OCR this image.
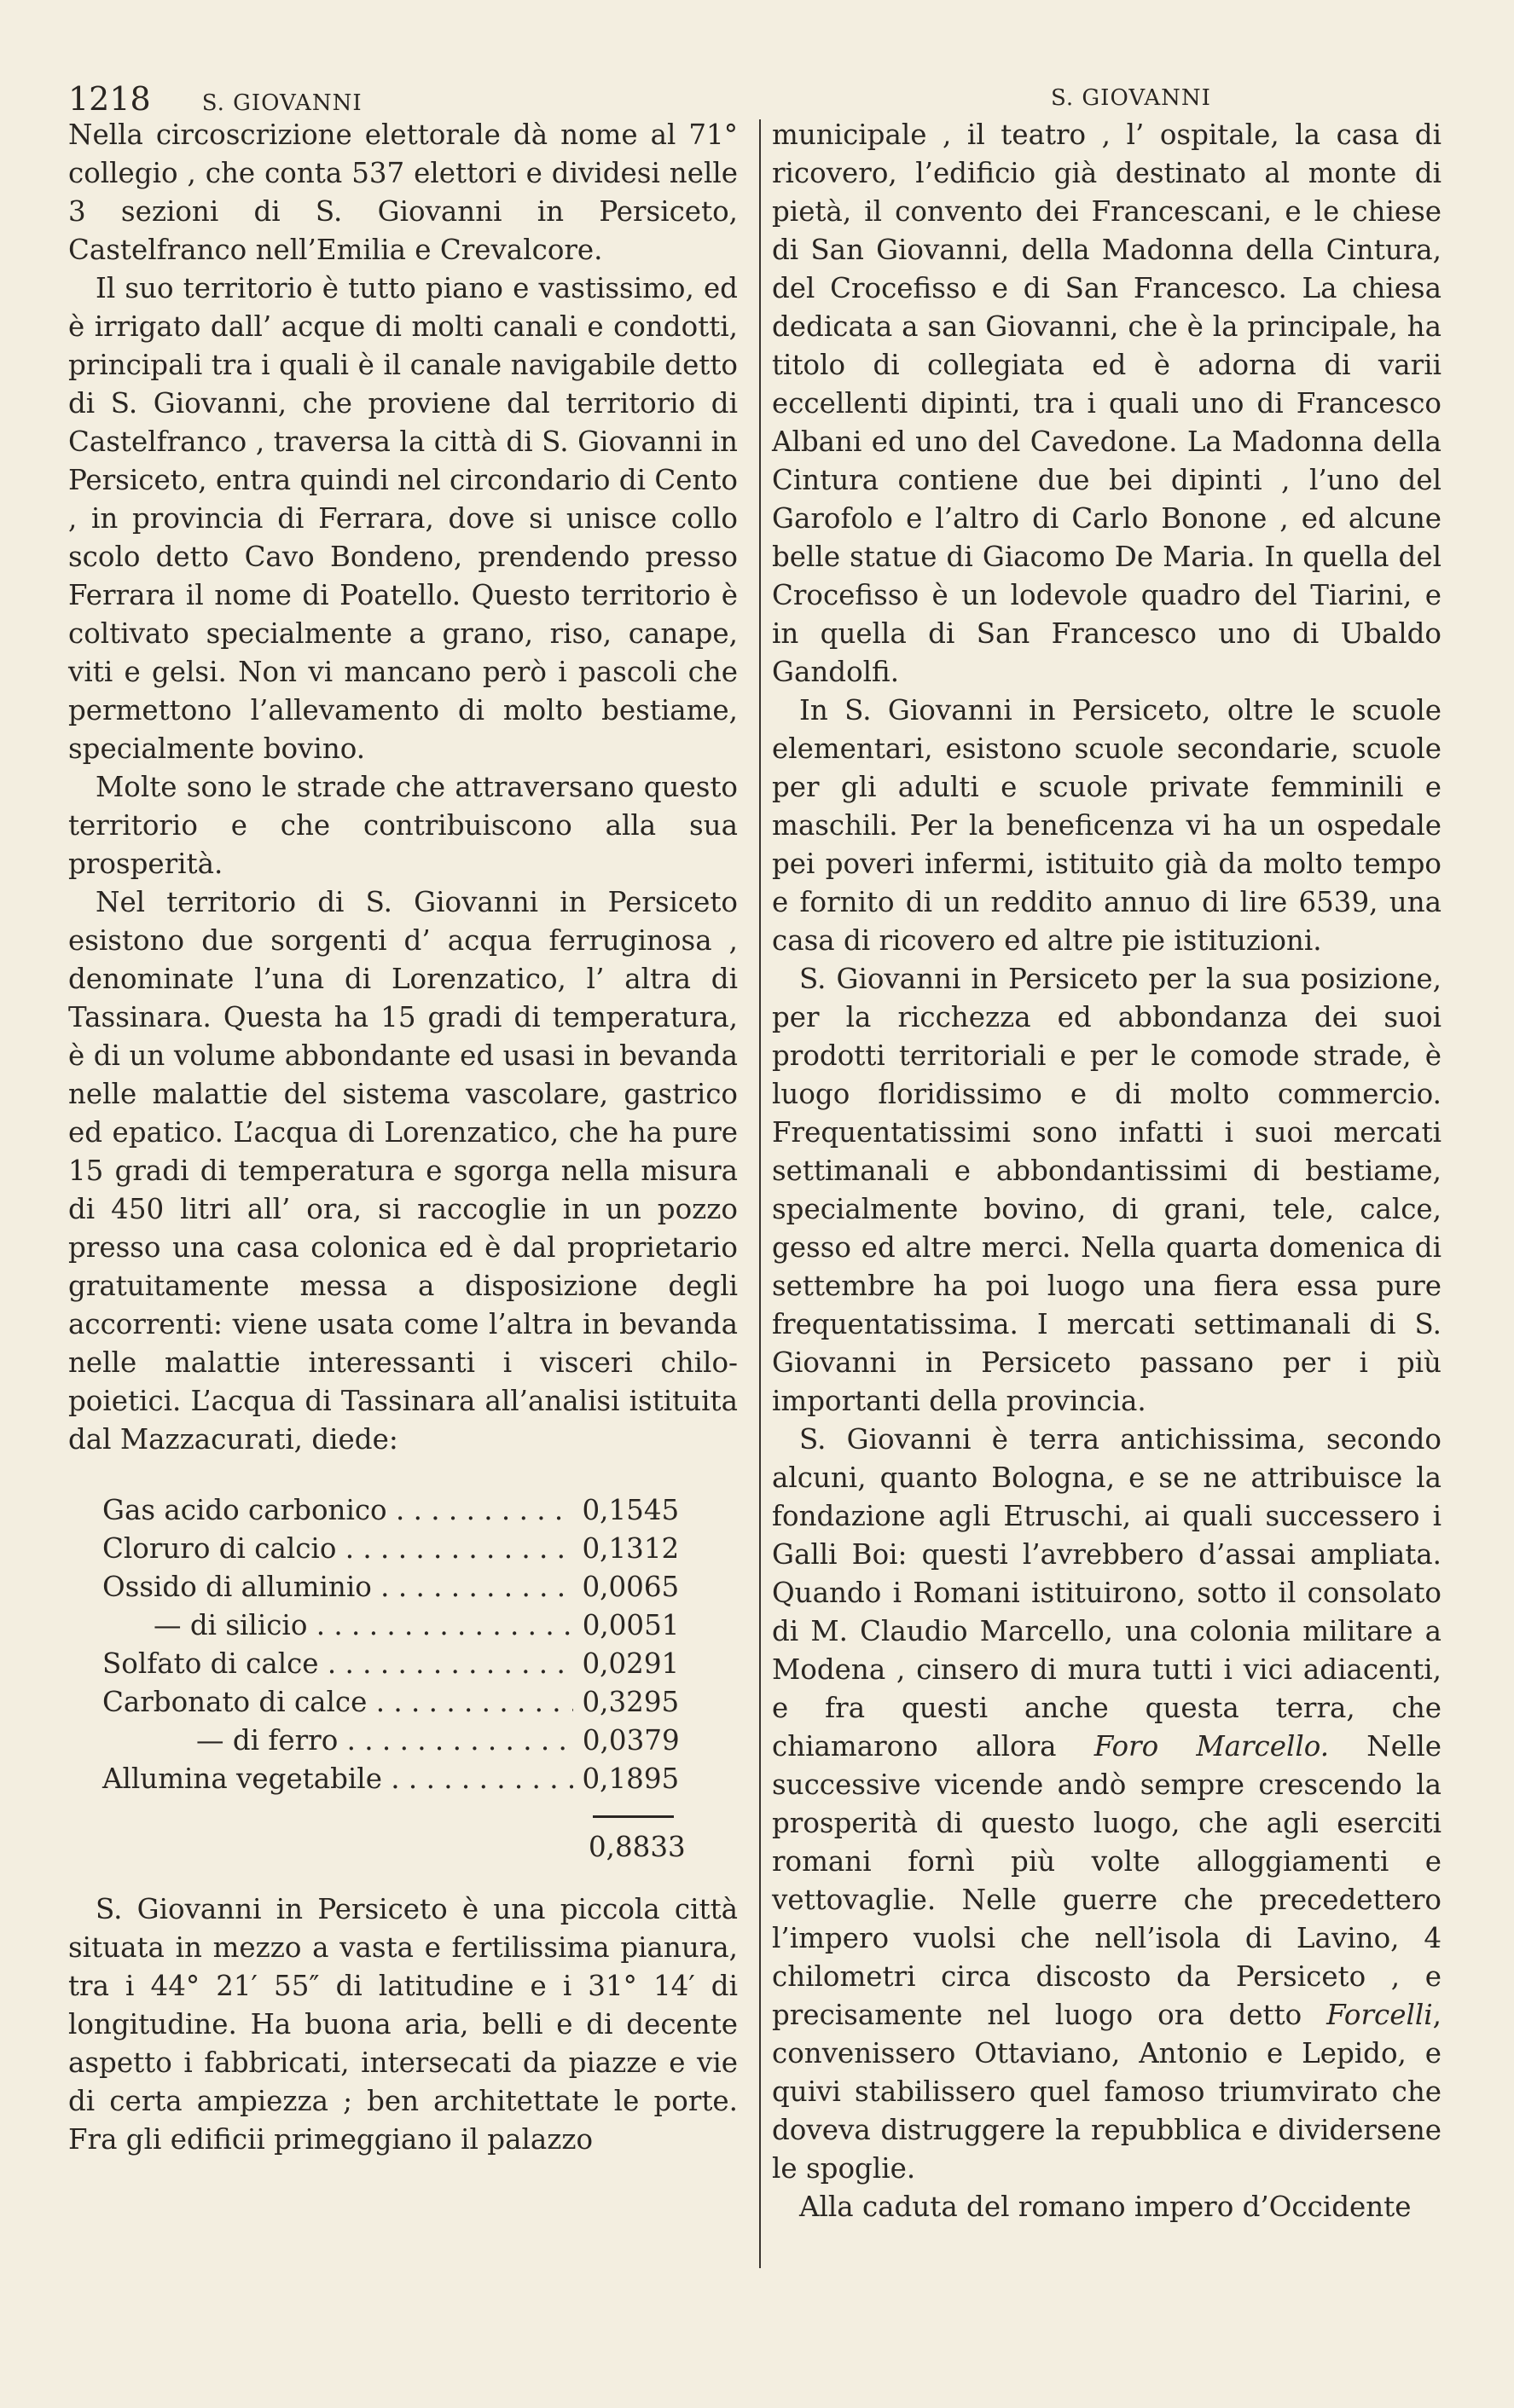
1218 S. GIOVANNI	S. GIOVANNI

Nella circoscrizione elettorale dà nome al 71° collegio , che conta 537 elettori e dividesi nelle 3 sezioni di S. Giovanni in Persiceto, Castelfranco nell’Emilia e Crevalcore.

Il suo territorio è tutto piano e vastissimo, ed è irrigato dall’ acque di molti canali e condotti, principali tra i quali è il canale navigabile detto di S. Giovanni, che proviene dal territorio di Castelfranco , traversa la città di S. Giovanni in Persiceto, entra quindi nel circondario di Cento , in provincia di Ferrara, dove si unisce collo scolo detto Cavo Bondeno, prendendo presso Ferrara il nome di Poatello. Questo territorio è coltivato specialmente a grano, riso, canape, viti e gelsi. Non vi mancano però i pascoli che permettono l’allevamento di molto bestiame, specialmente bovino.

Molte sono le strade che attraversano questo territorio e che contribuiscono alla sua prosperità.

Nel territorio di S. Giovanni in Persiceto esistono due sorgenti d’ acqua ferruginosa , denominate l’una di Lorenzatico, l’ altra di Tassinara. Questa ha 15 gradi di temperatura, è di un volume abbondante ed usasi in bevanda nelle malattie del sistema vascolare, gastrico ed epatico. L’acqua di Lorenzatico, che ha pure 15 gradi di temperatura e sgorga nella misura di 450 litri all’ ora, si raccoglie in un pozzo presso una casa colonica ed è dal proprietario gratuitamente messa a disposizione degli accorrenti: viene usata come l’altra in bevanda nelle malattie interessanti i visceri chilo-poietici. L’acqua di Tassinara all’analisi istituita dal Mazzacurati, diede:

Gas acido carbonico . . .	0,1545
Cloruro di calcio . . .	0,1312
Ossido di alluminio . . .	0,0065
— di silicio . . .	0,0051
Solfato di calce . . .	0,0291
Carbonato di calce . . .	0,3295
— di ferro . . .	0,0379
Allumina vegetabile . . .	0,1895
0,8833

S. Giovanni in Persiceto è una piccola città situata in mezzo a vasta e fertilissima pianura, tra i 44° 21′ 55″ di latitudine e i 31° 14′ di longitudine. Ha buona aria, belli e di decente aspetto i fabbricati, intersecati da piazze e vie di certa ampiezza ; ben architettate le porte. Fra gli edificii primeggiano il palazzo

municipale , il teatro , l’ ospitale, la casa di ricovero, l’edificio già destinato al monte di pietà, il convento dei Francescani, e le chiese di San Giovanni, della Madonna della Cintura, del Crocefisso e di San Francesco. La chiesa dedicata a san Giovanni, che è la principale, ha titolo di collegiata ed è adorna di varii eccellenti dipinti, tra i quali uno di Francesco Albani ed uno del Cavedone. La Madonna della Cintura contiene due bei dipinti , l’uno del Garofolo e l’altro di Carlo Bonone , ed alcune belle statue di Giacomo De Maria. In quella del Crocefisso è un lodevole quadro del Tiarini, e in quella di San Francesco uno di Ubaldo Gandolfi.

In S. Giovanni in Persiceto, oltre le scuole elementari, esistono scuole secondarie, scuole per gli adulti e scuole private femminili e maschili. Per la beneficenza vi ha un ospedale pei poveri infermi, istituito già da molto tempo e fornito di un reddito annuo di lire 6539, una casa di ricovero ed altre pie istituzioni.

S. Giovanni in Persiceto per la sua posizione, per la ricchezza ed abbondanza dei suoi prodotti territoriali e per le comode strade, è luogo floridissimo e di molto commercio. Frequentatissimi sono infatti i suoi mercati settimanali e abbondantissimi di bestiame, specialmente bovino, di grani, tele, calce, gesso ed altre merci. Nella quarta domenica di settembre ha poi luogo una fiera essa pure frequentatissima. I mercati settimanali di S. Giovanni in Persiceto passano per i più importanti della provincia.

S. Giovanni è terra antichissima, secondo alcuni, quanto Bologna, e se ne attribuisce la fondazione agli Etruschi, ai quali successero i Galli Boi: questi l’avrebbero d’assai ampliata. Quando i Romani istituirono, sotto il consolato di M. Claudio Marcello, una colonia militare a Modena , cinsero di mura tutti i vici adiacenti, e fra questi anche questa terra, che chiamarono allora Foro Marcello. Nelle successive vicende andò sempre crescendo la prosperità di questo luogo, che agli eserciti romani fornì più volte alloggiamenti e vettovaglie. Nelle guerre che precedettero l’impero vuolsi che nell’isola di Lavino, 4 chilometri circa discosto da Persiceto , e precisamente nel luogo ora detto Forcelli, convenissero Ottaviano, Antonio e Lepido, e quivi stabilissero quel famoso triumvirato che doveva distruggere la repubblica e dividersene le spoglie.

Alla caduta del romano impero d’Occidente
